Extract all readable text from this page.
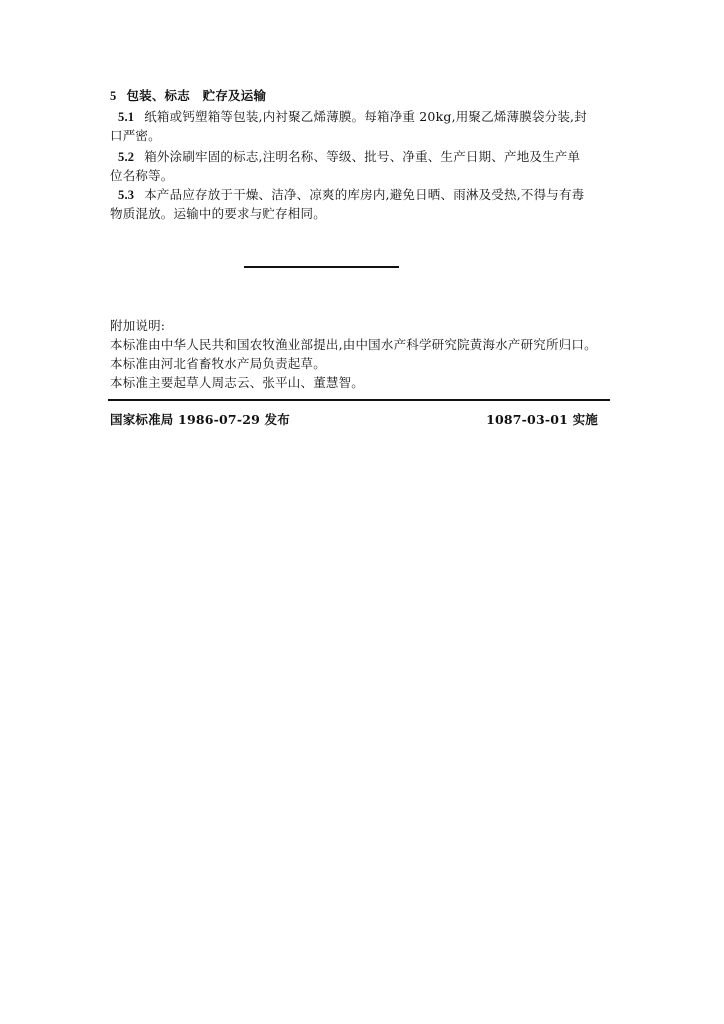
5 包装、标志　贮存及运输
5.1 纸箱或钙塑箱等包装,内衬聚乙烯薄膜。每箱净重 20kg,用聚乙烯薄膜袋分装,封
口严密。
5.2 箱外涂刷牢固的标志,注明名称、等级、批号、净重、生产日期、产地及生产单
位名称等。
5.3 本产品应存放于干燥、洁净、凉爽的库房内,避免日晒、雨淋及受热,不得与有毒
物质混放。运输中的要求与贮存相同。
附加说明:
本标准由中华人民共和国农牧渔业部提出,由中国水产科学研究院黄海水产研究所归口。
本标准由河北省畜牧水产局负责起草。
本标准主要起草人周志云、张平山、董慧智。
国家标准局 1986-07-29 发布	1087-03-01 实施
